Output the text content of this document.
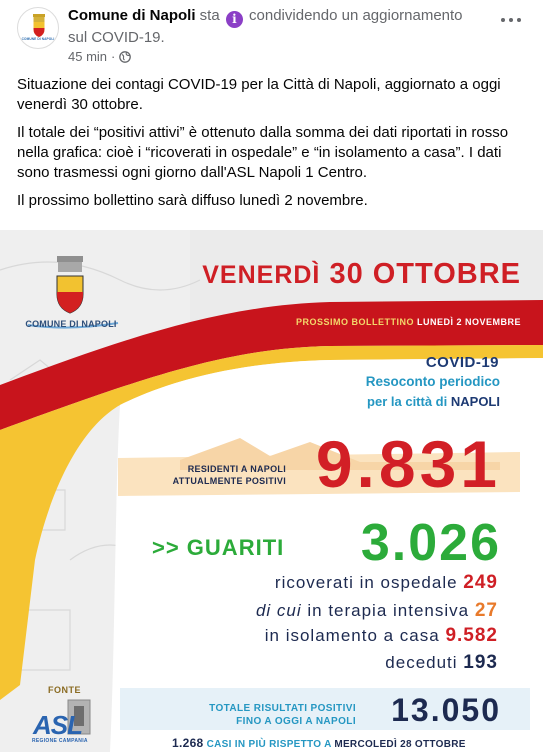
COMUNE DI NAPOLI
Comune di Napoli sta i condividendo un aggiornamento sul COVID-19.
45 min ·

Situazione dei contagi COVID-19 per la Città di Napoli, aggiornato a oggi venerdì 30 ottobre.

Il totale dei “positivi attivi” è ottenuto dalla somma dei dati riportati in rosso nella grafica: cioè i “ricoverati in ospedale” e “in isolamento a casa”. I dati sono trasmessi ogni giorno dall'ASL Napoli 1 Centro.

Il prossimo bollettino sarà diffuso lunedì 2 novembre.

COMUNE DI NAPOLI
VENERDÌ 30 OTTOBRE
PROSSIMO BOLLETTINO LUNEDÌ 2 NOVEMBRE
COVID-19
Resoconto periodico
per la città di NAPOLI
RESIDENTI A NAPOLI
ATTUALMENTE POSITIVI 9.831
>> GUARITI 3.026
ricoverati in ospedale 249
di cui in terapia intensiva 27
in isolamento a casa 9.582
deceduti 193
FONTE
ASL
REGIONE CAMPANIA
TOTALE RISULTATI POSITIVI
FINO A OGGI A NAPOLI 13.050
1.268 CASI IN PIÙ RISPETTO A MERCOLEDÌ 28 OTTOBRE
